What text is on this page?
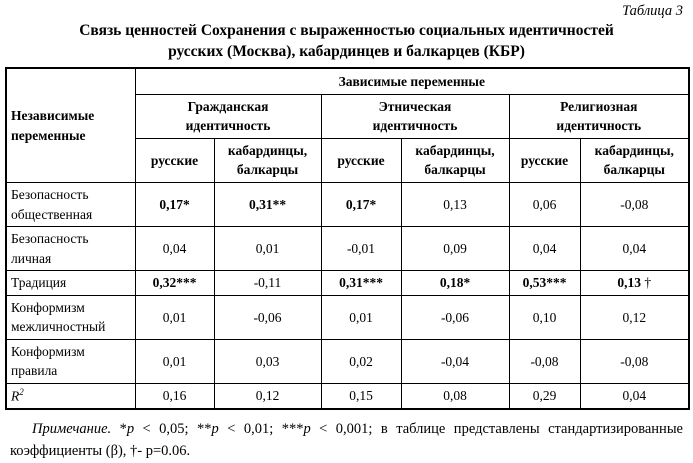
Таблица 3
Связь ценностей Сохранения с выраженностью социальных идентичностей
русских (Москва), кабардинцев и балкарцев (КБР)
Независимые переменные	Зависимые переменные					
	Гражданская идентичность		Этническая идентичность		Религиозная идентичность	
	русские	кабардинцы, балкарцы	русские	кабардинцы, балкарцы	русские	кабардинцы, балкарцы
Безопасность общественная	0,17*	0,31**	0,17*	0,13	0,06	-0,08
Безопасность личная	0,04	0,01	-0,01	0,09	0,04	0,04
Традиция	0,32***	-0,11	0,31***	0,18*	0,53***	0,13 †
Конформизм межличностный	0,01	-0,06	0,01	-0,06	0,10	0,12
Конформизм правила	0,01	0,03	0,02	-0,04	-0,08	-0,08
$R^2$	0,16	0,12	0,15	0,08	0,29	0,04

Примечание. *p < 0,05; **p < 0,01; ***p < 0,001; в таблице представлены стандартизированные коэффициенты (β), †- p=0.06.
